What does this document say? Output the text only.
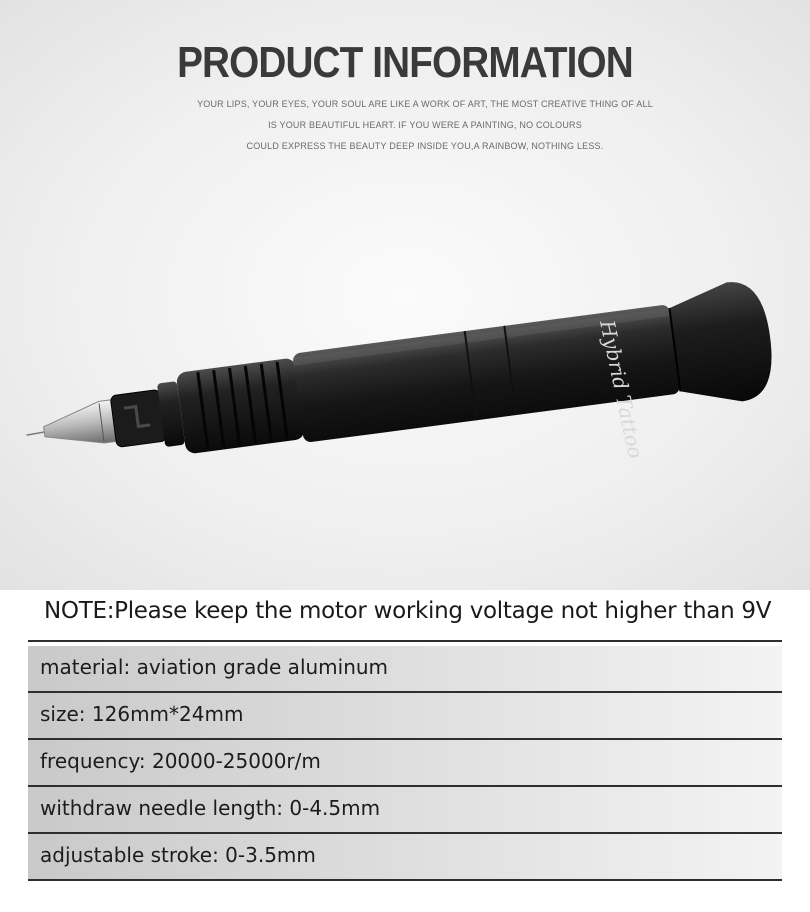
PRODUCT INFORMATION
YOUR LIPS, YOUR EYES, YOUR SOUL ARE LIKE A WORK OF ART, THE MOST CREATIVE THING OF ALL
IS YOUR BEAUTIFUL HEART. IF YOU WERE A PAINTING, NO COLOURS
COULD EXPRESS THE BEAUTY DEEP INSIDE YOU,A RAINBOW, NOTHING LESS.
Hybrid Tattoo
NOTE:Please keep the motor working voltage not higher than 9V
material: aviation grade aluminum
size: 126mm*24mm
frequency: 20000-25000r/m
withdraw needle length: 0-4.5mm
adjustable stroke: 0-3.5mm
